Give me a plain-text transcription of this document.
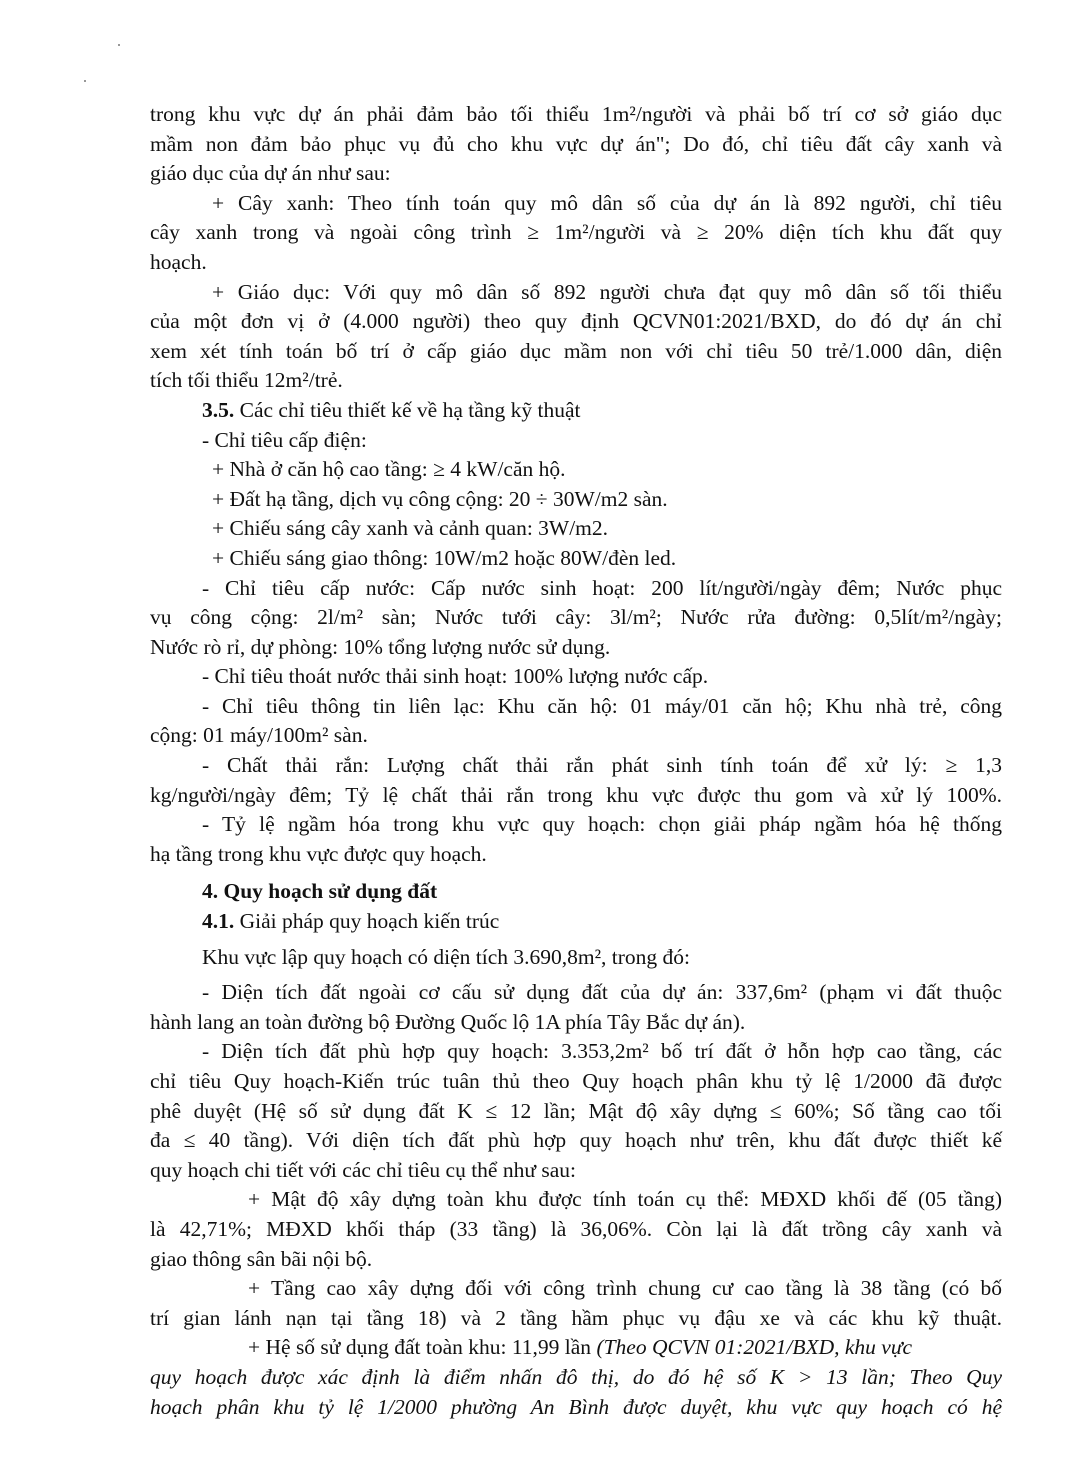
trong khu vực dự án phải đảm bảo tối thiểu 1m²/người và phải bố trí cơ sở giáo dục
mầm non đảm bảo phục vụ đủ cho khu vực dự án"; Do đó, chỉ tiêu đất cây xanh và
giáo dục của dự án như sau:
+ Cây xanh: Theo tính toán quy mô dân số của dự án là 892 người, chỉ tiêu
cây xanh trong và ngoài công trình ≥ 1m²/người và ≥ 20% diện tích khu đất quy
hoạch.
+ Giáo dục: Với quy mô dân số 892 người chưa đạt quy mô dân số tối thiểu
của một đơn vị ở (4.000 người) theo quy định QCVN01:2021/BXD, do đó dự án chỉ
xem xét tính toán bố trí ở cấp giáo dục mầm non với chỉ tiêu 50 trẻ/1.000 dân, diện
tích tối thiểu 12m²/trẻ.
3.5. Các chỉ tiêu thiết kế về hạ tầng kỹ thuật
- Chỉ tiêu cấp điện:
+ Nhà ở căn hộ cao tầng: ≥ 4 kW/căn hộ.
+ Đất hạ tầng, dịch vụ công cộng: 20 ÷ 30W/m2 sàn.
+ Chiếu sáng cây xanh và cảnh quan: 3W/m2.
+ Chiếu sáng giao thông: 10W/m2 hoặc 80W/đèn led.
- Chỉ tiêu cấp nước: Cấp nước sinh hoạt: 200 lít/người/ngày đêm; Nước phục
vụ công cộng: 2l/m² sàn; Nước tưới cây: 3l/m²; Nước rửa đường: 0,5lít/m²/ngày;
Nước rò rỉ, dự phòng: 10% tổng lượng nước sử dụng.
- Chỉ tiêu thoát nước thải sinh hoạt: 100% lượng nước cấp.
- Chỉ tiêu thông tin liên lạc: Khu căn hộ: 01 máy/01 căn hộ; Khu nhà trẻ, công
cộng: 01 máy/100m² sàn.
- Chất thải rắn: Lượng chất thải rắn phát sinh tính toán để xử lý: ≥ 1,3
kg/người/ngày đêm; Tỷ lệ chất thải rắn trong khu vực được thu gom và xử lý 100%.
- Tỷ lệ ngầm hóa trong khu vực quy hoạch: chọn giải pháp ngầm hóa hệ thống
hạ tầng trong khu vực được quy hoạch.
4. Quy hoạch sử dụng đất
4.1. Giải pháp quy hoạch kiến trúc
Khu vực lập quy hoạch có diện tích 3.690,8m², trong đó:
- Diện tích đất ngoài cơ cấu sử dụng đất của dự án: 337,6m² (phạm vi đất thuộc
hành lang an toàn đường bộ Đường Quốc lộ 1A phía Tây Bắc dự án).
- Diện tích đất phù hợp quy hoạch: 3.353,2m² bố trí đất ở hỗn hợp cao tầng, các
chỉ tiêu Quy hoạch-Kiến trúc tuân thủ theo Quy hoạch phân khu tỷ lệ 1/2000 đã được
phê duyệt (Hệ số sử dụng đất K ≤ 12 lần; Mật độ xây dựng ≤ 60%; Số tầng cao tối
đa ≤ 40 tầng). Với diện tích đất phù hợp quy hoạch như trên, khu đất được thiết kế
quy hoạch chi tiết với các chỉ tiêu cụ thể như sau:
+ Mật độ xây dựng toàn khu được tính toán cụ thể: MĐXD khối đế (05 tầng)
là 42,71%; MĐXD khối tháp (33 tầng) là 36,06%. Còn lại là đất trồng cây xanh và
giao thông sân bãi nội bộ.
+ Tầng cao xây dựng đối với công trình chung cư cao tầng là 38 tầng (có bố
trí gian lánh nạn tại tầng 18) và 2 tầng hầm phục vụ đậu xe và các khu kỹ thuật.
+ Hệ số sử dụng đất toàn khu: 11,99 lần (Theo QCVN 01:2021/BXD, khu vực
quy hoạch được xác định là điểm nhấn đô thị, do đó hệ số K > 13 lần; Theo Quy
hoạch phân khu tỷ lệ 1/2000 phường An Bình được duyệt, khu vực quy hoạch có hệ
